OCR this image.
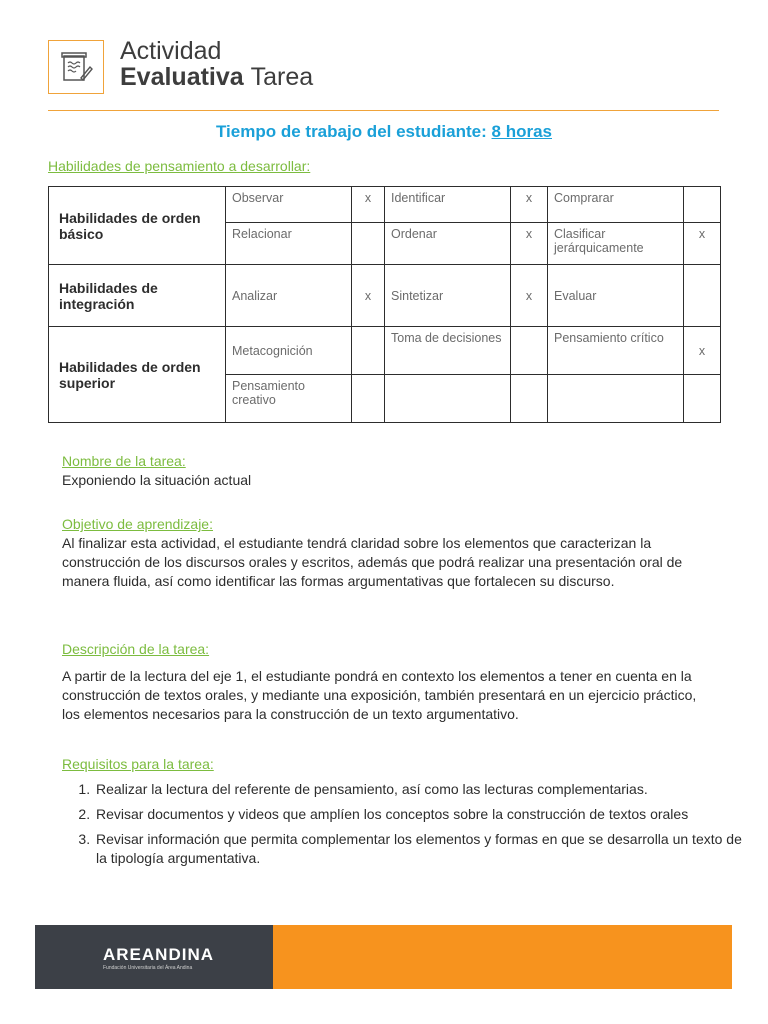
Actividad
Evaluativa Tarea
Tiempo de trabajo del estudiante: 8 horas
Habilidades de pensamiento a desarrollar:
Habilidades de orden básico	Observar	x	Identificar	x	Comprarar	
	Relacionar		Ordenar	x	Clasificar jerárquicamente	x
Habilidades de integración	Analizar	x	Sintetizar	x	Evaluar	
Habilidades de orden superior	Metacognición		Toma de decisiones		Pensamiento crítico	x
	Pensamiento creativo					
Nombre de la tarea:
Exponiendo la situación actual
Objetivo de aprendizaje:
Al finalizar esta actividad, el estudiante tendrá claridad sobre los elementos que caracterizan la construcción de los discursos orales y escritos, además que podrá realizar una presentación oral de manera fluida, así como identificar las formas argumentativas que fortalecen su discurso.
Descripción de la tarea:
A partir de la lectura del eje 1, el estudiante pondrá en contexto los elementos a tener en cuenta en la construcción de textos orales, y mediante una exposición, también presentará en un ejercicio práctico, los elementos necesarios para la construcción de un texto argumentativo.
Requisitos para la tarea:
1. Realizar la lectura del referente de pensamiento, así como las lecturas complementarias.
2. Revisar documentos y videos que amplíen los conceptos sobre la construcción de textos orales
3. Revisar información que permita complementar los elementos y formas en que se desarrolla un texto de la tipología argumentativa.
AREANDINA
Fundación Universitaria del Área Andina
